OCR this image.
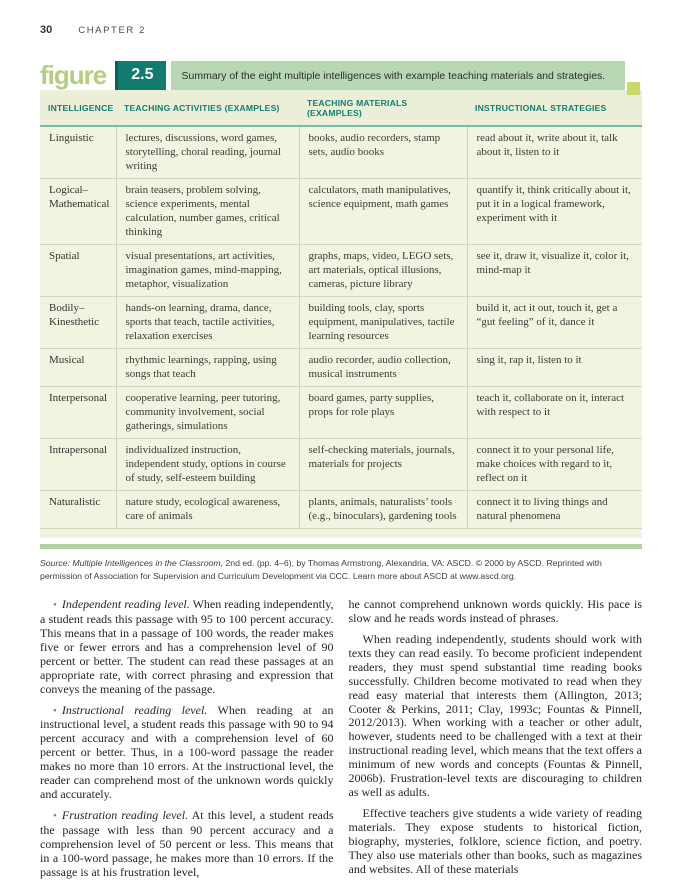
30	CHAPTER 2
figure	2.5	Summary of the eight multiple intelligences with example teaching materials and strategies.
INTELLIGENCE	TEACHING ACTIVITIES (EXAMPLES)	TEACHING MATERIALS (EXAMPLES)	INSTRUCTIONAL STRATEGIES
Linguistic	lectures, discussions, word games, storytelling, choral reading, journal writing	books, audio recorders, stamp sets, audio books	read about it, write about it, talk about it, listen to it
Logical–Mathematical	brain teasers, problem solving, science experiments, mental calculation, number games, critical thinking	calculators, math manipulatives, science equipment, math games	quantify it, think critically about it, put it in a logical framework, experiment with it
Spatial	visual presentations, art activities, imagination games, mind-mapping, metaphor, visualization	graphs, maps, video, LEGO sets, art materials, optical illusions, cameras, picture library	see it, draw it, visualize it, color it, mind-map it
Bodily–Kinesthetic	hands-on learning, drama, dance, sports that teach, tactile activities, relaxation exercises	building tools, clay, sports equipment, manipulatives, tactile learning resources	build it, act it out, touch it, get a “gut feeling” of it, dance it
Musical	rhythmic learnings, rapping, using songs that teach	audio recorder, audio collection, musical instruments	sing it, rap it, listen to it
Interpersonal	cooperative learning, peer tutoring, community involvement, social gatherings, simulations	board games, party supplies, props for role plays	teach it, collaborate on it, interact with respect to it
Intrapersonal	individualized instruction, independent study, options in course of study, self-esteem building	self-checking materials, journals, materials for projects	connect it to your personal life, make choices with regard to it, reflect on it
Naturalistic	nature study, ecological awareness, care of animals	plants, animals, naturalists’ tools (e.g., binoculars), gardening tools	connect it to living things and natural phenomena

Source: Multiple Intelligences in the Classroom, 2nd ed. (pp. 4–6), by Thomas Armstrong, Alexandria, VA: ASCD. © 2000 by ASCD. Reprinted with permission of Association for Supervision and Curriculum Development via CCC. Learn more about ASCD at www.ascd.org.

• Independent reading level. When reading independently, a student reads this passage with 95 to 100 percent accuracy. This means that in a passage of 100 words, the reader makes five or fewer errors and has a comprehension level of 90 percent or better. The student can read these passages at an appropriate rate, with correct phrasing and expression that conveys the meaning of the passage.

• Instructional reading level. When reading at an instructional level, a student reads this passage with 90 to 94 percent accuracy and with a comprehension level of 60 percent or better. Thus, in a 100-word passage the reader makes no more than 10 errors. At the instructional level, the reader can comprehend most of the unknown words quickly and accurately.

• Frustration reading level. At this level, a student reads the passage with less than 90 percent accuracy and a comprehension level of 50 percent or less. This means that in a 100-word passage, he makes more than 10 errors. If the passage is at his frustration level,

he cannot comprehend unknown words quickly. His pace is slow and he reads words instead of phrases.

When reading independently, students should work with texts they can read easily. To become proficient independent readers, they must spend substantial time reading books successfully. Children become motivated to read when they read easy material that interests them (Allington, 2013; Cooter & Perkins, 2011; Clay, 1993c; Fountas & Pinnell, 2012/2013). When working with a teacher or other adult, however, students need to be challenged with a text at their instructional reading level, which means that the text offers a minimum of new words and concepts (Fountas & Pinnell, 2006b). Frustration-level texts are discouraging to children as well as adults.

Effective teachers give students a wide variety of reading materials. They expose students to historical fiction, biography, mysteries, folklore, science fiction, and poetry. They also use materials other than books, such as magazines and websites. All of these materials
